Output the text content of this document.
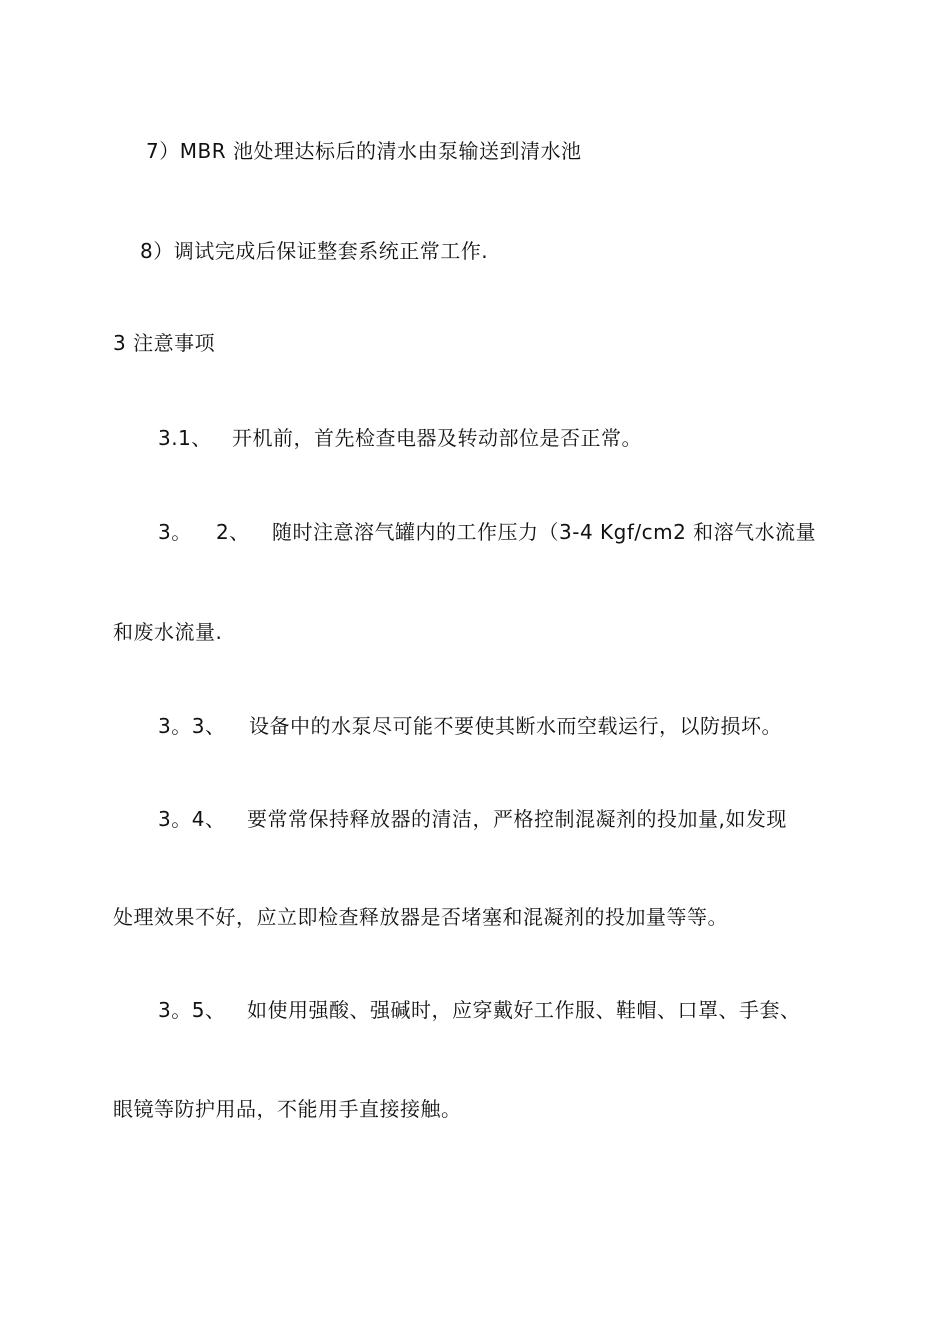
7）MBR 池处理达标后的清水由泵输送到清水池
8）调试完成后保证整套系统正常工作.
3 注意事项
3.1、 开机前，首先检查电器及转动部位是否正常。
3。 2、 随时注意溶气罐内的工作压力（3-4 Kgf/cm2 和溶气水流量
和废水流量.
3。3、 设备中的水泵尽可能不要使其断水而空载运行，以防损坏。
3。4、 要常常保持释放器的清洁，严格控制混凝剂的投加量,如发现
处理效果不好，应立即检查释放器是否堵塞和混凝剂的投加量等等。
3。5、 如使用强酸、强碱时，应穿戴好工作服、鞋帽、口罩、手套、
眼镜等防护用品，不能用手直接接触。
